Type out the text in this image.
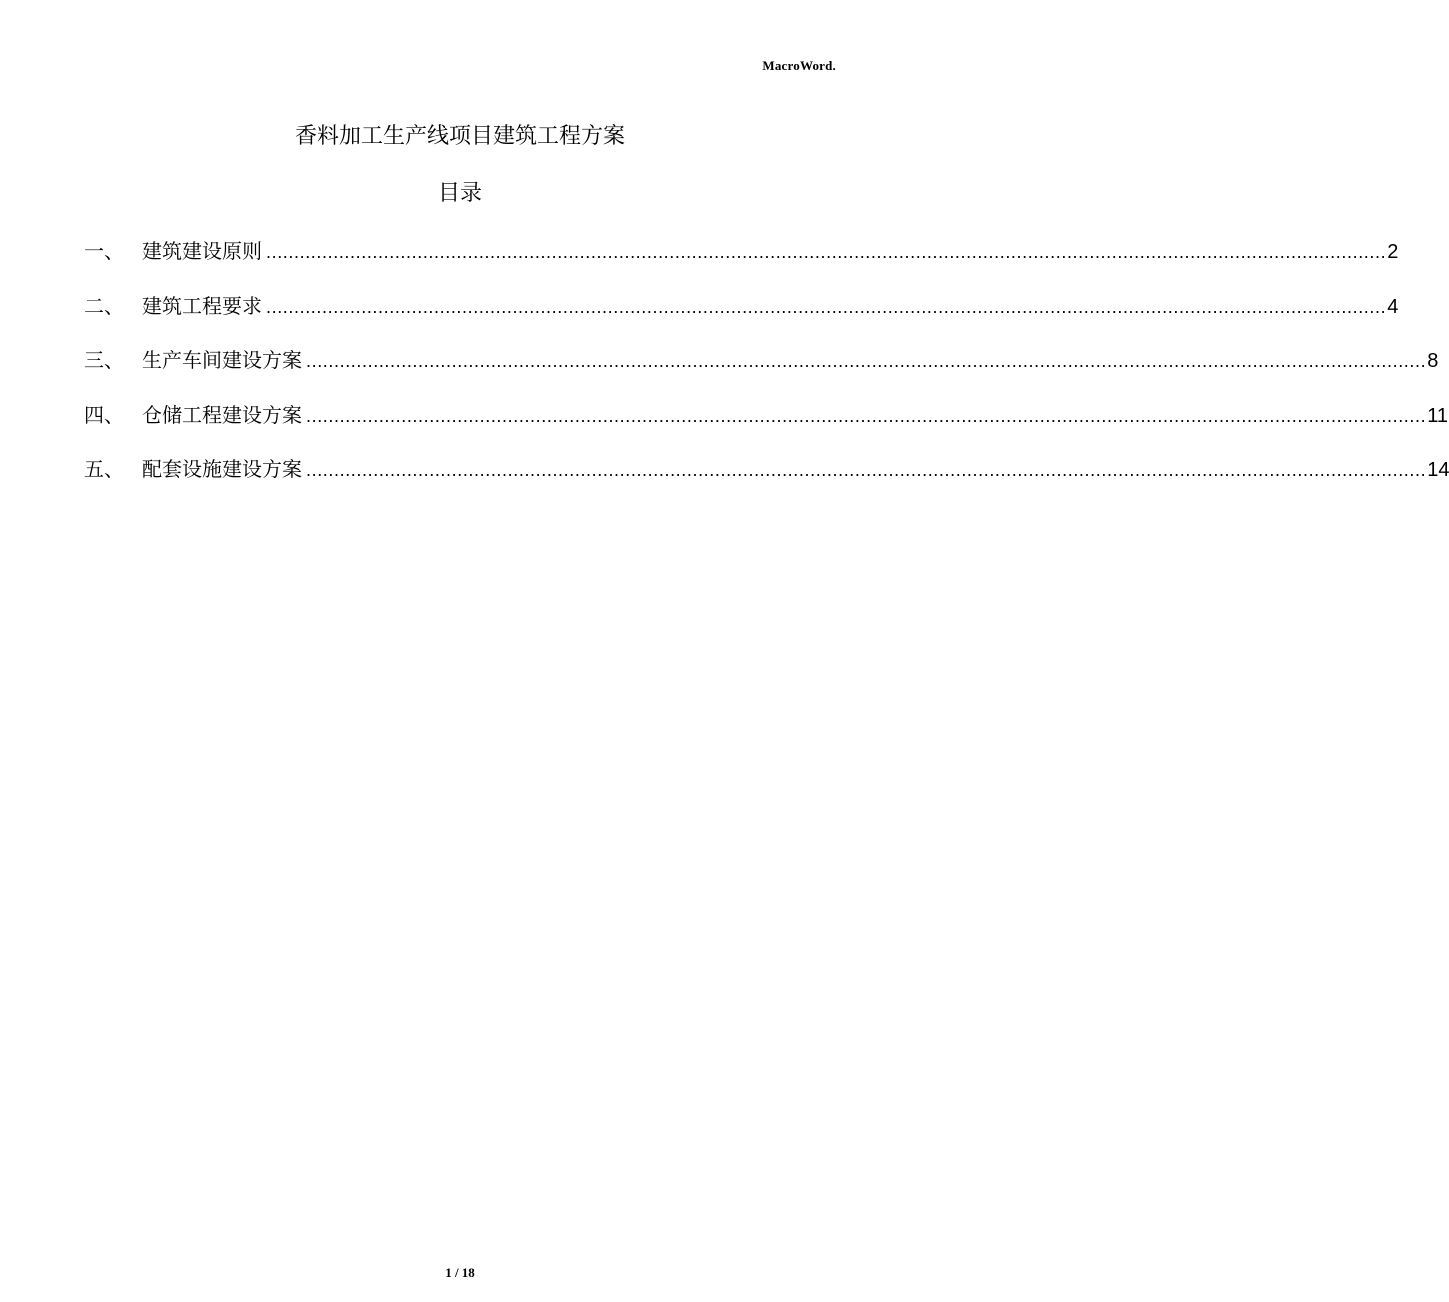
MacroWord.
香料加工生产线项目建筑工程方案
目录
一、 建筑建设原则 ........................................................................................................................................................................................................ 2
二、 建筑工程要求 ........................................................................................................................................................................................................ 4
三、 生产车间建设方案 ........................................................................................................................................................................................................ 8
四、 仓储工程建设方案 ........................................................................................................................................................................................................ 11
五、 配套设施建设方案 ........................................................................................................................................................................................................ 14
1 / 18
